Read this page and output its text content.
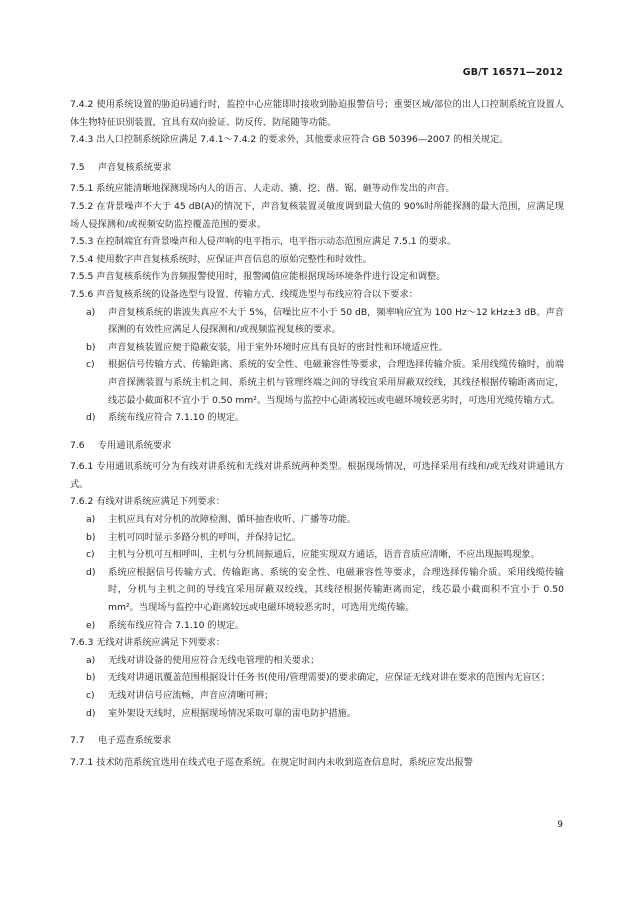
GB/T 16571—2012

7.4.2 使用系统设置的胁迫码通行时，监控中心应能即时接收到胁迫报警信号；重要区域/部位的出人口控制系统宜设置人体生物特征识别装置，宜具有双向验证、防反传、防尾随等功能。

7.4.3 出人口控制系统除应满足 7.4.1～7.4.2 的要求外，其他要求应符合 GB 50396—2007 的相关规定。

7.5 声音复核系统要求

7.5.1 系统应能清晰地探测现场内人的语言、人走动、撬、挖、凿、锯、砸等动作发出的声音。

7.5.2 在背景噪声不大于 45 dB(A)的情况下，声音复核装置灵敏度调到最大值的 90%时所能探测的最大范围，应满足现场人侵探测和/或视频安防监控覆盖范围的要求。

7.5.3 在控制端宜有背景噪声和人侵声响的电平指示，电平指示动态范围应满足 7.5.1 的要求。

7.5.4 使用数字声音复核系统时，应保证声音信息的原始完整性和时效性。

7.5.5 声音复核系统作为音频报警使用时，报警阈值应能根据现场环境条件进行设定和调整。

7.5.6 声音复核系统的设备选型与设置、传输方式、线缆选型与布线应符合以下要求：

a)	声音复核系统的谐波失真应不大于 5%，信噪比应不小于 50 dB，频率响应宜为 100 Hz～12 kHz±3 dB。声音探测的有效性应满足人侵探测和/或视频监视复核的要求。
b)	声音复核装置应便于隐蔽安装，用于室外环境时应具有良好的密封性和环境适应性。
c)	根据信号传输方式、传输距离、系统的安全性、电磁兼容性等要求，合理选择传输介质。采用线缆传输时，前端声音探测装置与系统主机之间、系统主机与管理终端之间的导线宜采用屏蔽双绞线，其线径根据传输距离而定，线芯最小截面积不宜小于 0.50 mm²。当现场与监控中心距离较远或电磁环境较恶劣时，可选用光缆传输方式。
d)	系统布线应符合 7.1.10 的规定。
7.6 专用通讯系统要求

7.6.1 专用通讯系统可分为有线对讲系统和无线对讲系统两种类型。根据现场情况，可选择采用有线和/或无线对讲通讯方式。

7.6.2 有线对讲系统应满足下列要求：

a)	主机应具有对分机的故障检测、循环抽查收听、广播等功能。
b)	主机可同时显示多路分机的呼叫，并保持记忆。
c)	主机与分机可互相呼叫，主机与分机间振通后，应能实现双方通话，语音音质应清晰，不应出现振鸣现象。
d)	系统应根据信号传输方式、传输距离、系统的安全性、电磁兼容性等要求，合理选择传输介质。采用线缆传输时，分机与主机之间的导线宜采用屏蔽双绞线，其线径根据传输距离而定，线芯最小截面积不宜小于 0.50 mm²。当现场与监控中心距离较远或电磁环境较恶劣时，可选用光缆传输。
e)	系统布线应符合 7.1.10 的规定。

7.6.3 无线对讲系统应满足下列要求：

a)	无线对讲设备的使用应符合无线电管理的相关要求；
b)	无线对讲通讯覆盖范围根据设计任务书(使用/管理需要)的要求确定，应保证无线对讲在要求的范围内无盲区；
c)	无线对讲信号应流畅，声音应清晰可辨；
d)	室外架设天线时，应根据现场情况采取可靠的雷电防护措施。
7.7 电子巡查系统要求

7.7.1 技术防范系统宜选用在线式电子巡查系统。在规定时间内未收到巡查信息时，系统应发出报警

9
